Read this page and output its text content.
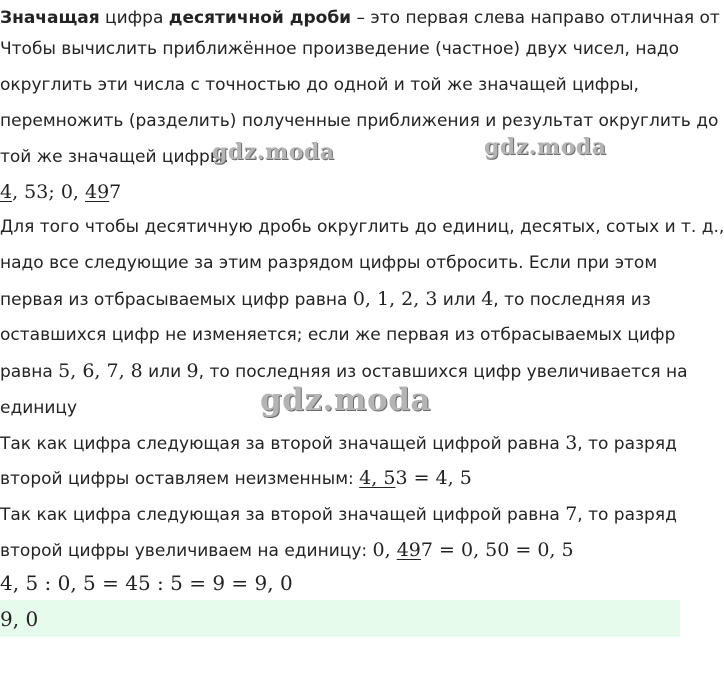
Значащая цифра десятичной дроби – это первая слева направо отличная от
Чтобы вычислить приближённое произведение (частное) двух чисел, надо
округлить эти числа с точностью до одной и той же значащей цифры,
перемножить (разделить) полученные приближения и результат округлить до
той же значащей цифры.
4, 53; 0, 497
Для того чтобы десятичную дробь округлить до единиц, десятых, сотых и т. д.,
надо все следующие за этим разрядом цифры отбросить. Если при этом
первая из отбрасываемых цифр равна 0, 1, 2, 3 или 4, то последняя из
оставшихся цифр не изменяется; если же первая из отбрасываемых цифр
равна 5, 6, 7, 8 или 9, то последняя из оставшихся цифр увеличивается на
единицу
Так как цифра следующая за второй значащей цифрой равна 3, то разряд
второй цифры оставляем неизменным: 4, 53 = 4, 5
Так как цифра следующая за второй значащей цифрой равна 7, то разряд
второй цифры увеличиваем на единицу: 0, 497 = 0, 50 = 0, 5
4, 5 : 0, 5 = 45 : 5 = 9 = 9, 0
9, 0
gdz.moda	gdz.moda
gdz.moda
